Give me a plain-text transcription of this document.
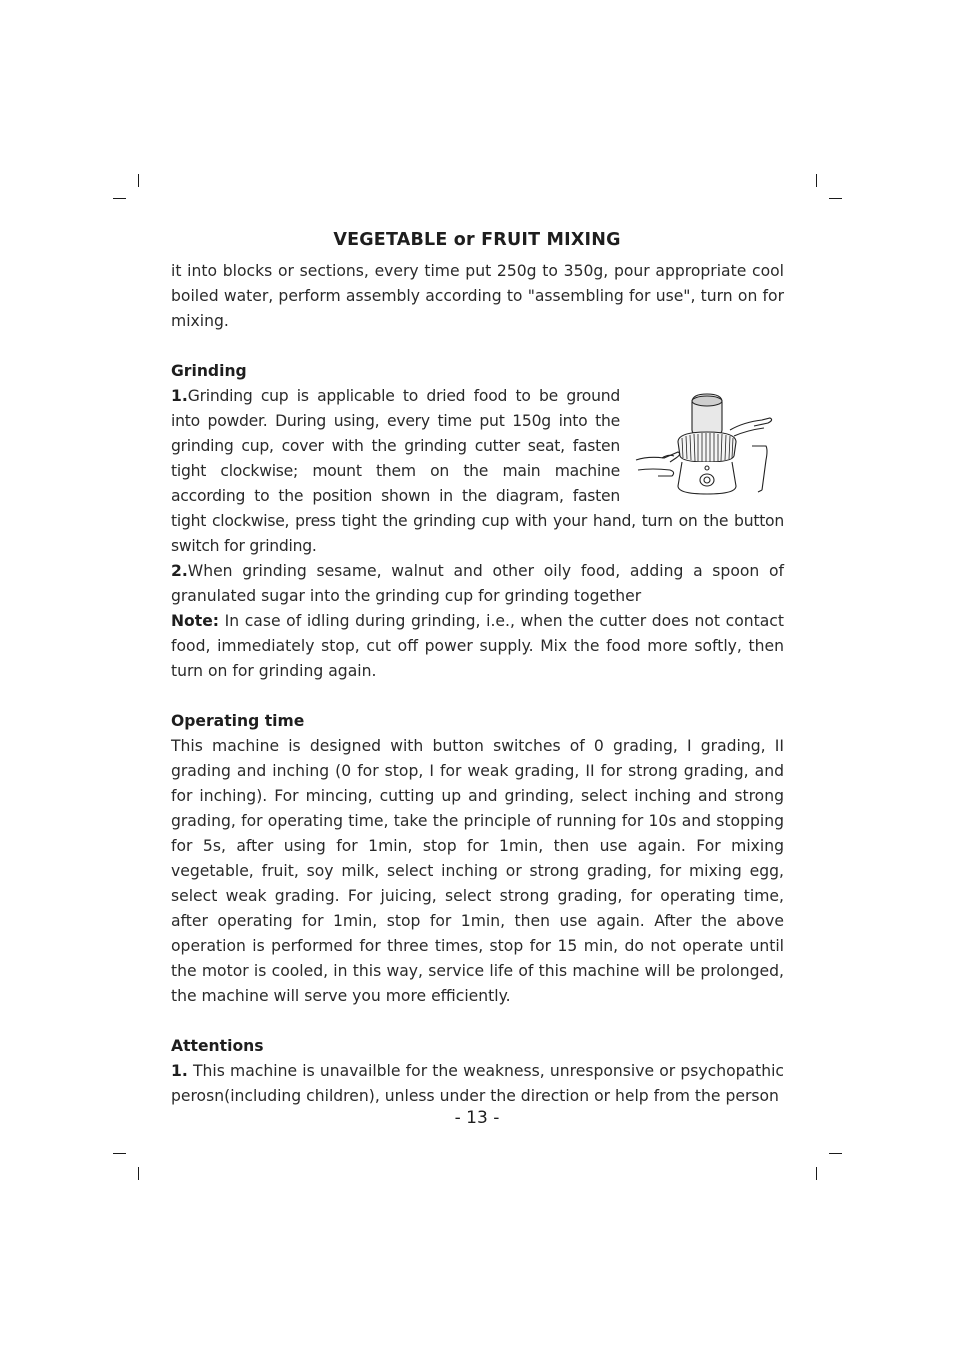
VEGETABLE or FRUIT MIXING

it into blocks or sections, every time put 250g to 350g, pour appropriate cool boiled water, perform assembly according to "assembling for use", turn on for mixing.

Grinding

1.Grinding cup is applicable to dried food to be ground into powder. During using, every time put 150g into the grinding cup, cover with the grinding cutter seat, fasten tight clockwise; mount them on the main machine according to the position shown in the diagram, fasten tight clockwise, press tight the grinding cup with your hand, turn on the button switch for grinding.

2.When grinding sesame, walnut and other oily food, adding a spoon of granulated sugar into the grinding cup for grinding together

Note: In case of idling during grinding, i.e., when the cutter does not contact food, immediately stop, cut off power supply. Mix the food more softly, then turn on for grinding again.

Operating time

This machine is designed with button switches of 0 grading, I grading, II grading and inching (0 for stop, I for weak grading, II for strong grading, and for inching). For mincing, cutting up and grinding, select inching and strong grading, for operating time, take the principle of running for 10s and stopping for 5s, after using for 1min, stop for 1min, then use again. For mixing vegetable, fruit, soy milk, select inching or strong grading, for mixing egg, select weak grading. For juicing, select strong grading, for operating time, after operating for 1min, stop for 1min, then use again. After the above operation is performed for three times, stop for 15 min, do not operate until the motor is cooled, in this way, service life of this machine will be prolonged, the machine will serve you more efficiently.

Attentions

1. This machine is unavailble for the weakness, unresponsive or psychopathic perosn(including children), unless under the direction or help from the person

- 13 -
